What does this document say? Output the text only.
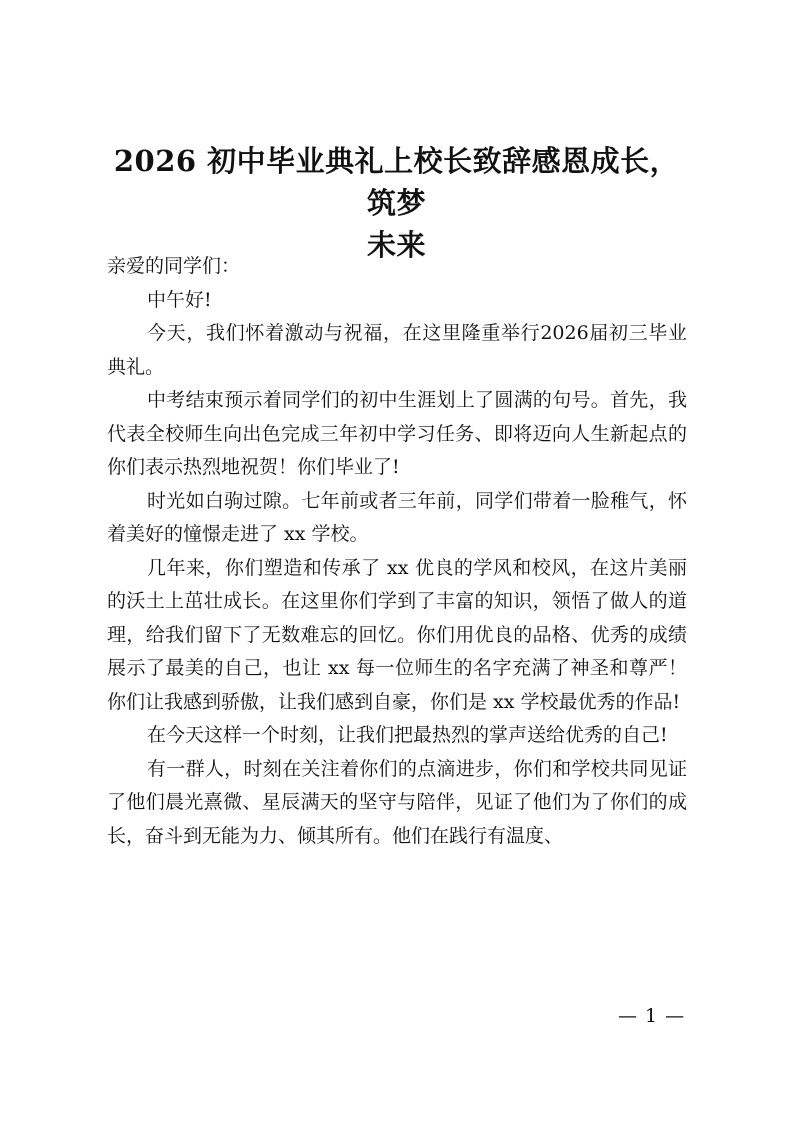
2026 初中毕业典礼上校长致辞感恩成长，筑梦
未来

亲爱的同学们：

中午好!

今天，我们怀着激动与祝福，在这里隆重举行2026届初三毕业典礼。

中考结束预示着同学们的初中生涯划上了圆满的句号。首先，我代表全校师生向出色完成三年初中学习任务、即将迈向人生新起点的你们表示热烈地祝贺！你们毕业了!

时光如白驹过隙。七年前或者三年前，同学们带着一脸稚气，怀着美好的憧憬走进了 xx 学校。

几年来，你们塑造和传承了 xx 优良的学风和校风，在这片美丽的沃土上茁壮成长。在这里你们学到了丰富的知识，领悟了做人的道理，给我们留下了无数难忘的回忆。你们用优良的品格、优秀的成绩展示了最美的自己，也让 xx 每一位师生的名字充满了神圣和尊严！你们让我感到骄傲，让我们感到自豪，你们是 xx 学校最优秀的作品!

在今天这样一个时刻，让我们把最热烈的掌声送给优秀的自己!

有一群人，时刻在关注着你们的点滴进步，你们和学校共同见证了他们晨光熹微、星辰满天的坚守与陪伴，见证了他们为了你们的成长，奋斗到无能为力、倾其所有。他们在践行有温度、

— 1 —
